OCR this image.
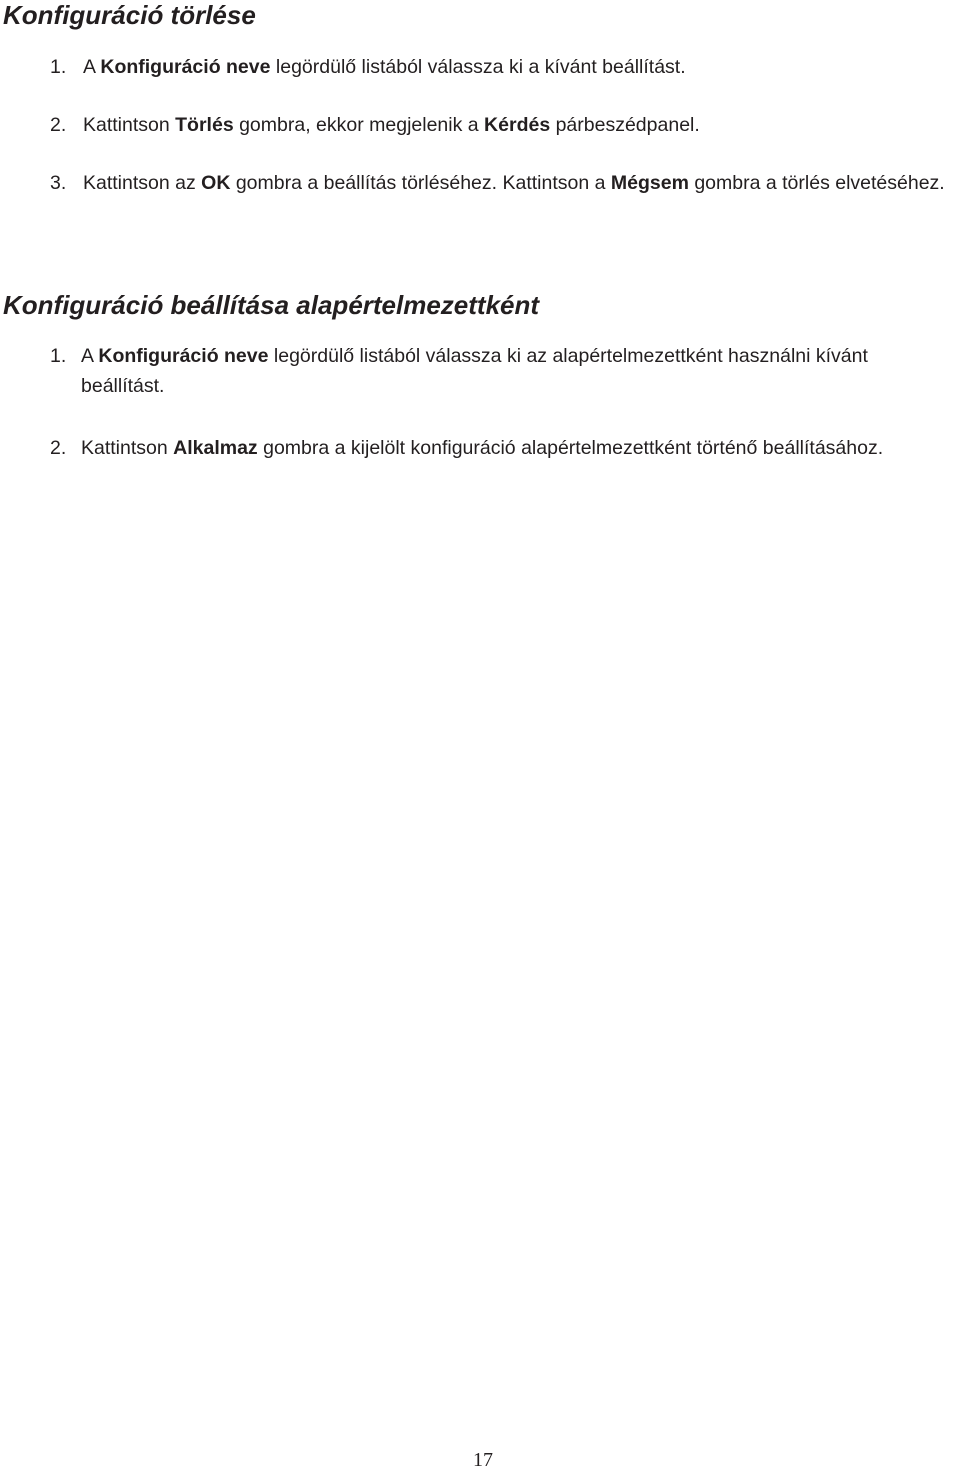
Konfiguráció törlése
1. A Konfiguráció neve legördülő listából válassza ki a kívánt beállítást.
2. Kattintson Törlés gombra, ekkor megjelenik a Kérdés párbeszédpanel.
3. Kattintson az OK gombra a beállítás törléséhez. Kattintson a Mégsem gombra a törlés elvetéséhez.
Konfiguráció beállítása alapértelmezettként
1. A Konfiguráció neve legördülő listából válassza ki az alapértelmezettként használni kívánt beállítást.
2. Kattintson Alkalmaz gombra a kijelölt konfiguráció alapértelmezettként történő beállításához.
17
